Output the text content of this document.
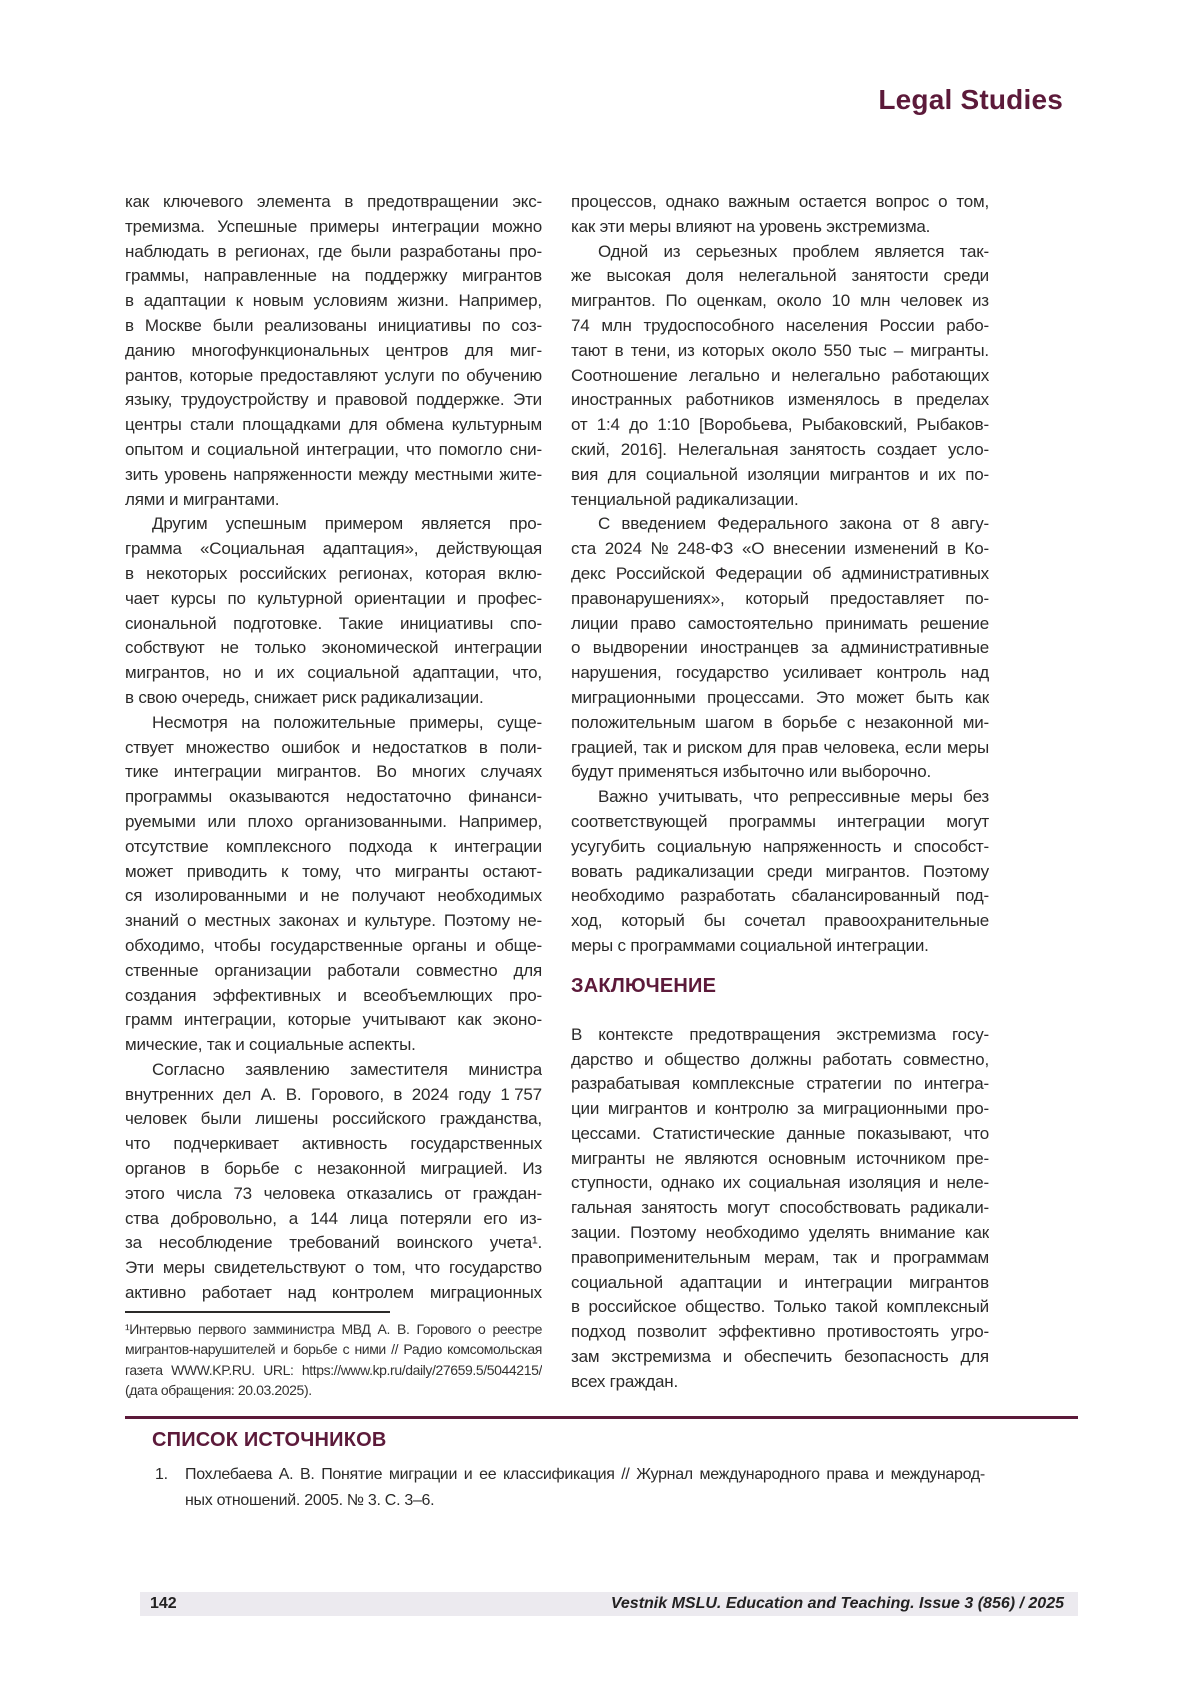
Legal Studies
как ключевого элемента в предотвращении экс-
тремизма. Успешные примеры интеграции можно
наблюдать в регионах, где были разработаны про-
граммы, направленные на поддержку мигрантов
в адаптации к новым условиям жизни. Например,
в Москве были реализованы инициативы по соз-
данию многофункциональных центров для миг-
рантов, которые предоставляют услуги по обучению
языку, трудоустройству и правовой поддержке. Эти
центры стали площадками для обмена культурным
опытом и социальной интеграции, что помогло сни-
зить уровень напряженности между местными жите-
лями и мигрантами.
Другим успешным примером является про-
грамма «Социальная адаптация», действующая
в некоторых российских регионах, которая вклю-
чает курсы по культурной ориентации и профес-
сиональной подготовке. Такие инициативы спо-
собствуют не только экономической интеграции
мигрантов, но и их социальной адаптации, что,
в свою очередь, снижает риск радикализации.
Несмотря на положительные примеры, суще-
ствует множество ошибок и недостатков в поли-
тике интеграции мигрантов. Во многих случаях
программы оказываются недостаточно финанси-
руемыми или плохо организованными. Например,
отсутствие комплексного подхода к интеграции
может приводить к тому, что мигранты остают-
ся изолированными и не получают необходимых
знаний о местных законах и культуре. Поэтому не-
обходимо, чтобы государственные органы и обще-
ственные организации работали совместно для
создания эффективных и всеобъемлющих про-
грамм интеграции, которые учитывают как эконо-
мические, так и социальные аспекты.
Согласно заявлению заместителя министра
внутренних дел А. В. Горового, в 2024 году 1 757
человек были лишены российского гражданства,
что подчеркивает активность государственных
органов в борьбе с незаконной миграцией. Из
этого числа 73 человека отказались от граждан-
ства добровольно, а 144 лица потеряли его из-
за несоблюдение требований воинского учета¹.
Эти меры свидетельствуют о том, что государство
активно работает над контролем миграционных
¹Интервью первого замминистра МВД А. В. Горового о реестре
мигрантов-нарушителей и борьбе с ними // Радио комсомольская
газета WWW.KP.RU. URL: https://www.kp.ru/daily/27659.5/5044215/
(дата обращения: 20.03.2025).
процессов, однако важным остается вопрос о том,
как эти меры влияют на уровень экстремизма.
Одной из серьезных проблем является так-
же высокая доля нелегальной занятости среди
мигрантов. По оценкам, около 10 млн человек из
74 млн трудоспособного населения России рабо-
тают в тени, из которых около 550 тыс – мигранты.
Соотношение легально и нелегально работающих
иностранных работников изменялось в пределах
от 1:4 до 1:10 [Воробьева, Рыбаковский, Рыбаков-
ский, 2016]. Нелегальная занятость создает усло-
вия для социальной изоляции мигрантов и их по-
тенциальной радикализации.
С введением Федерального закона от 8 авгу-
ста 2024 № 248-ФЗ «О внесении изменений в Ко-
декс Российской Федерации об административных
правонарушениях», который предоставляет по-
лиции право самостоятельно принимать решение
о выдворении иностранцев за административные
нарушения, государство усиливает контроль над
миграционными процессами. Это может быть как
положительным шагом в борьбе с незаконной ми-
грацией, так и риском для прав человека, если меры
будут применяться избыточно или выборочно.
Важно учитывать, что репрессивные меры без
соответствующей программы интеграции могут
усугубить социальную напряженность и способст-
вовать радикализации среди мигрантов. Поэтому
необходимо разработать сбалансированный под-
ход, который бы сочетал правоохранительные
меры с программами социальной интеграции.
ЗАКЛЮЧЕНИЕ
В контексте предотвращения экстремизма госу-
дарство и общество должны работать совместно,
разрабатывая комплексные стратегии по интегра-
ции мигрантов и контролю за миграционными про-
цессами. Статистические данные показывают, что
мигранты не являются основным источником пре-
ступности, однако их социальная изоляция и неле-
гальная занятость могут способствовать радикали-
зации. Поэтому необходимо уделять внимание как
правоприменительным мерам, так и программам
социальной адаптации и интеграции мигрантов
в российское общество. Только такой комплексный
подход позволит эффективно противостоять угро-
зам экстремизма и обеспечить безопасность для
всех граждан.
СПИСОК ИСТОЧНИКОВ
1.	Похлебаева А. В. Понятие миграции и ее классификация // Журнал международного права и международ-
ных отношений. 2005. № 3. С. 3–6.
142	Vestnik MSLU. Education and Teaching. Issue 3 (856) / 2025
